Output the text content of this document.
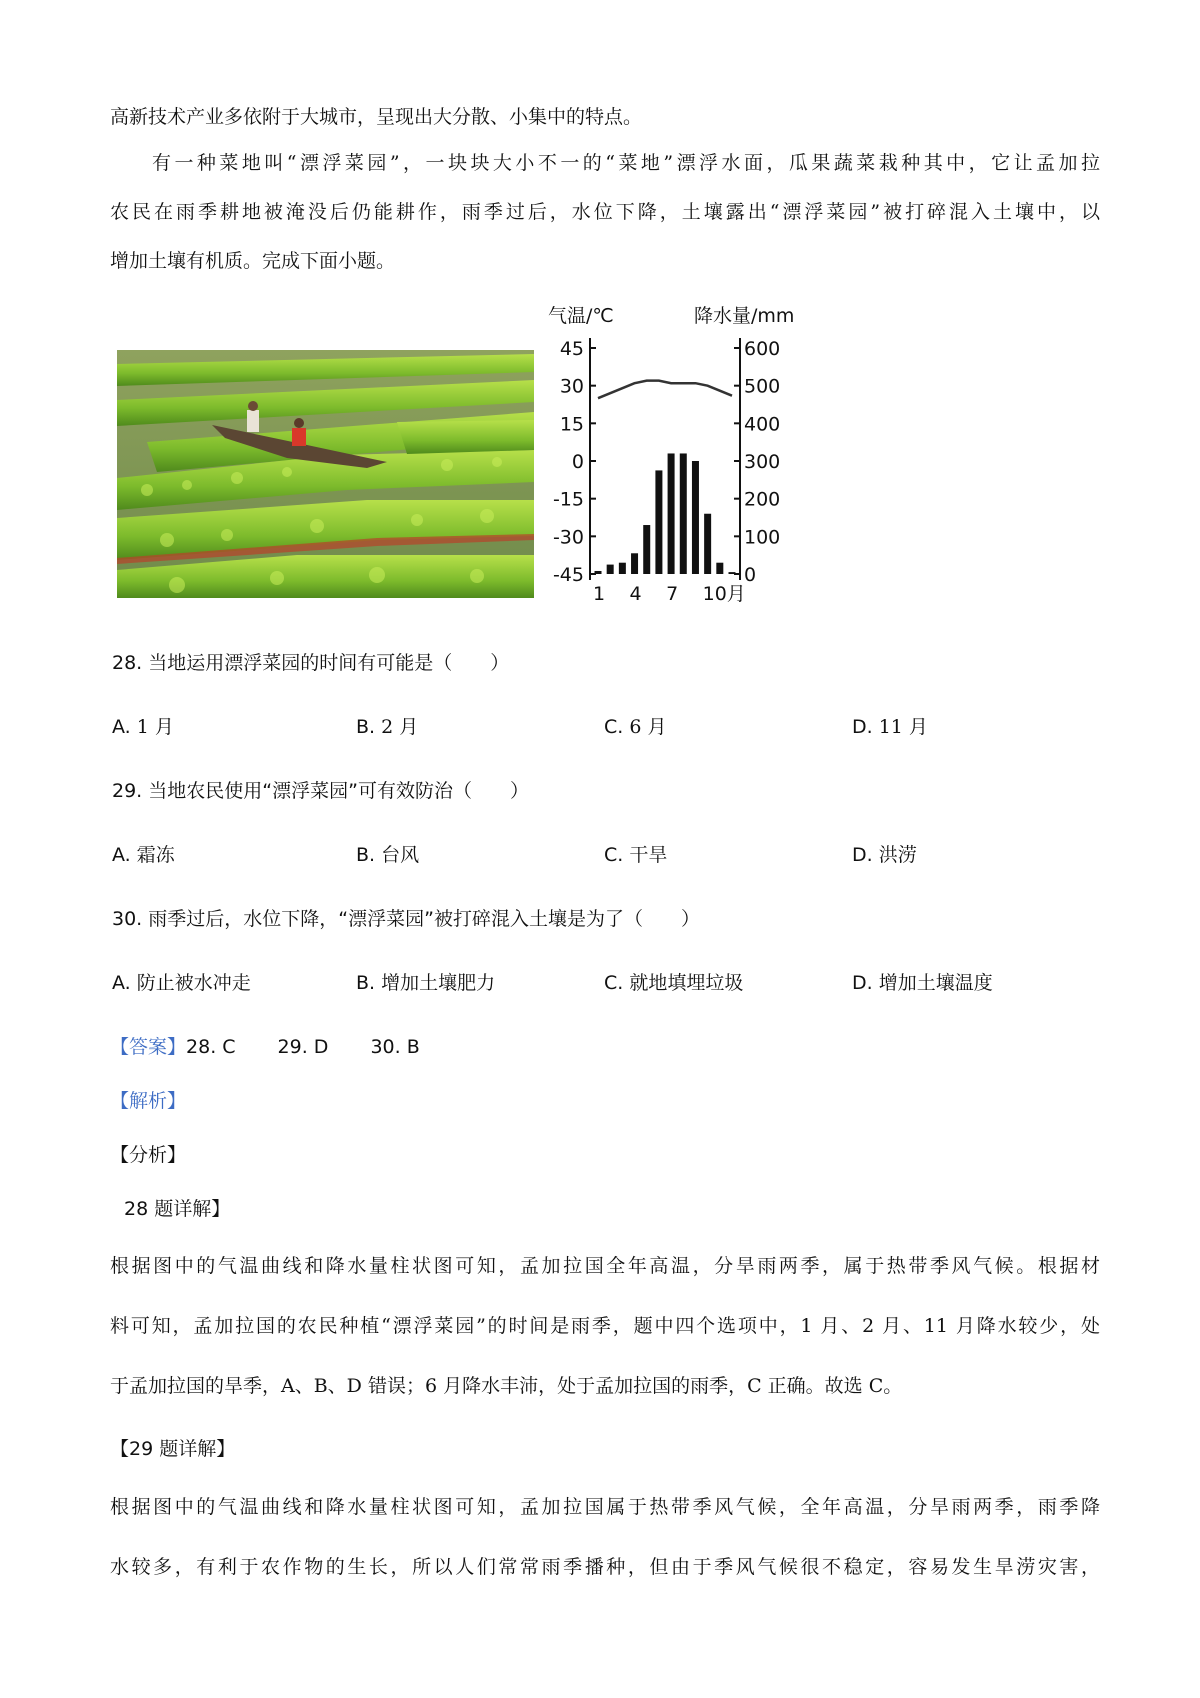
高新技术产业多依附于大城市，呈现出大分散、小集中的特点。
有一种菜地叫“漂浮菜园”，一块块大小不一的“菜地”漂浮水面，瓜果蔬菜栽种其中，它让孟加拉
农民在雨季耕地被淹没后仍能耕作，雨季过后，水位下降，土壤露出“漂浮菜园”被打碎混入土壤中，以
增加土壤有机质。完成下面小题。
气温/℃	降水量/mm
45
30
15
0
-15
-30
-45
600
500
400
300
200
100
0
1 4 7 10月
28. 当地运用漂浮菜园的时间有可能是（　　）
A. 1 月	B. 2 月	C. 6 月	D. 11 月
29. 当地农民使用“漂浮菜园”可有效防治（　　）
A. 霜冻	B. 台风	C. 干旱	D. 洪涝
30. 雨季过后，水位下降，“漂浮菜园”被打碎混入土壤是为了（　　）
A. 防止被水冲走	B. 增加土壤肥力	C. 就地填埋垃圾	D. 增加土壤温度
【答案】28. C 29. D 30. B
【解析】
【分析】
28 题详解】
根据图中的气温曲线和降水量柱状图可知，孟加拉国全年高温，分旱雨两季，属于热带季风气候。根据材
料可知，孟加拉国的农民种植“漂浮菜园”的时间是雨季，题中四个选项中，1 月、2 月、11 月降水较少，处
于孟加拉国的旱季，A、B、D 错误；6 月降水丰沛，处于孟加拉国的雨季，C 正确。故选 C。
【29 题详解】
根据图中的气温曲线和降水量柱状图可知，孟加拉国属于热带季风气候，全年高温，分旱雨两季，雨季降
水较多，有利于农作物的生长，所以人们常常雨季播种，但由于季风气候很不稳定，容易发生旱涝灾害，
